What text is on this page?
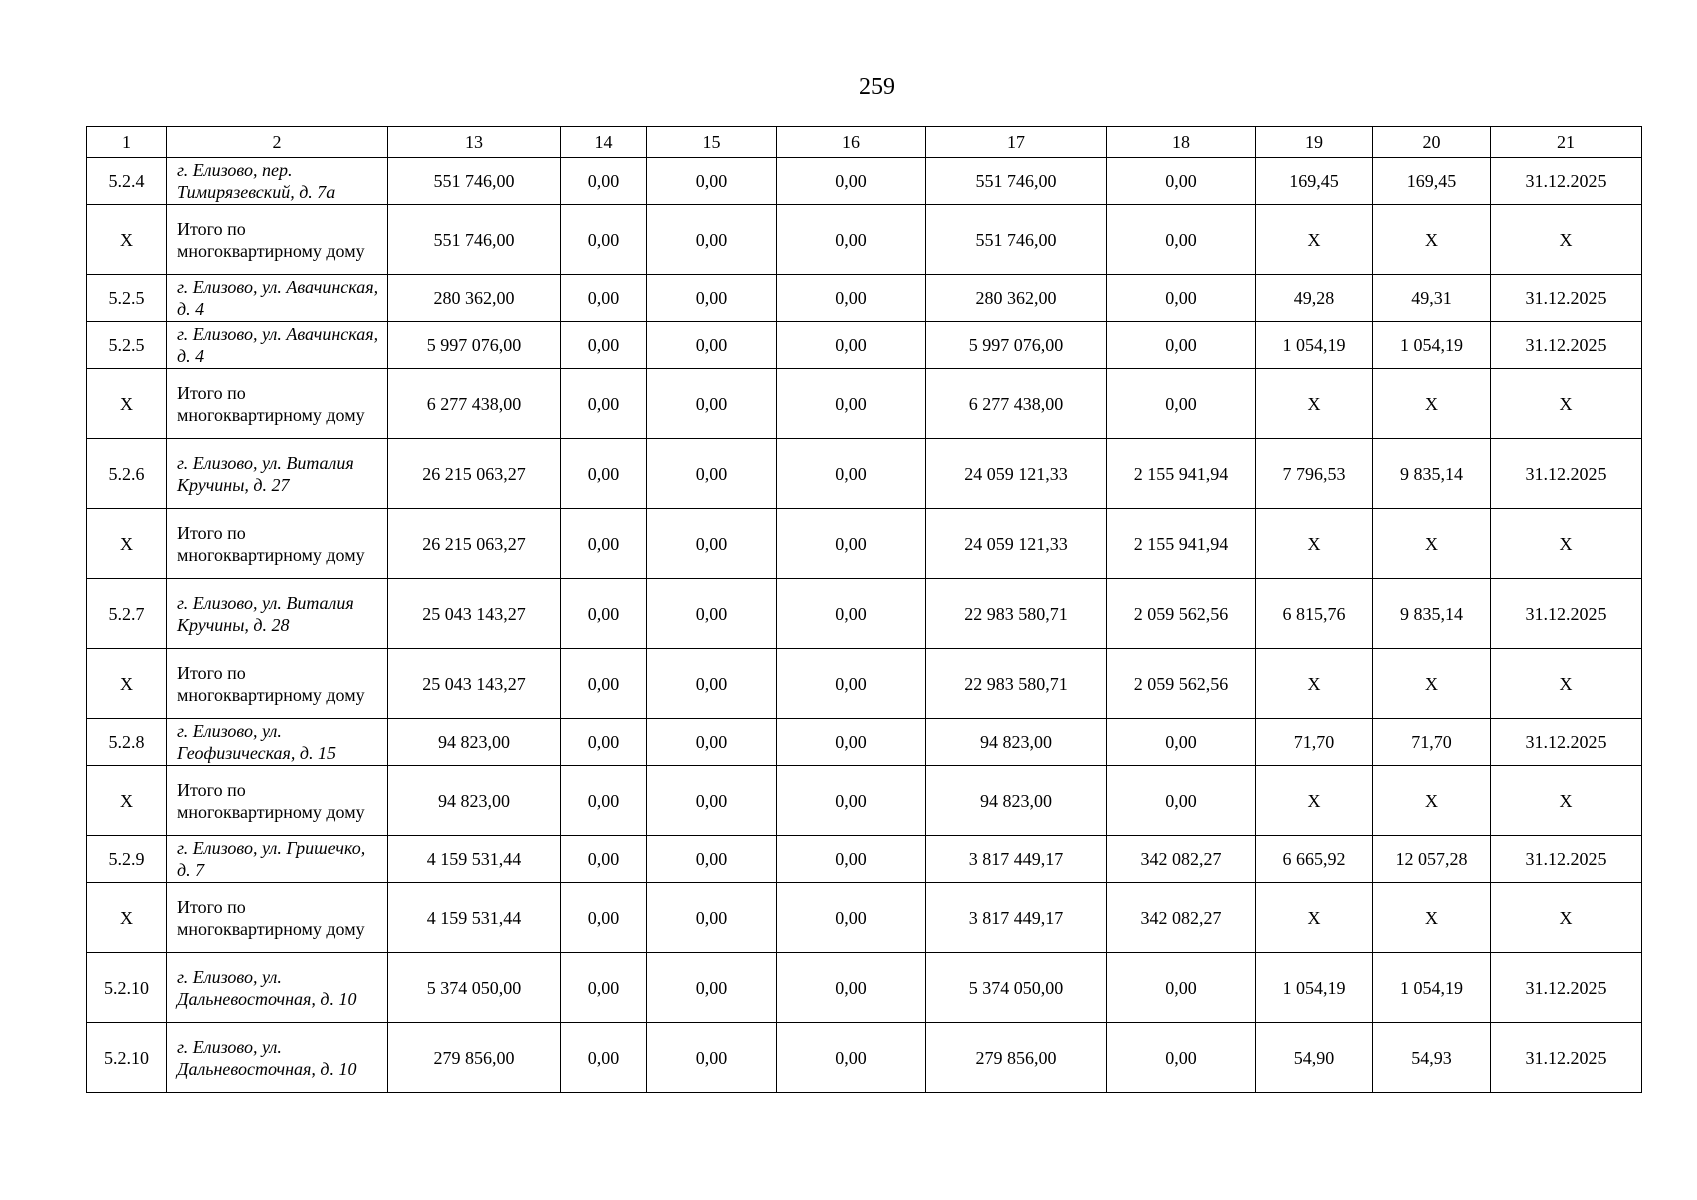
259
1	2	13	14	15	16	17	18	19	20	21
5.2.4	г. Елизово, пер. Тимирязевский, д. 7а	551 746,00	0,00	0,00	0,00	551 746,00	0,00	169,45	169,45	31.12.2025
Х	Итого по многоквартирному дому	551 746,00	0,00	0,00	0,00	551 746,00	0,00	Х	Х	Х
5.2.5	г. Елизово, ул. Авачинская, д. 4	280 362,00	0,00	0,00	0,00	280 362,00	0,00	49,28	49,31	31.12.2025
5.2.5	г. Елизово, ул. Авачинская, д. 4	5 997 076,00	0,00	0,00	0,00	5 997 076,00	0,00	1 054,19	1 054,19	31.12.2025
Х	Итого по многоквартирному дому	6 277 438,00	0,00	0,00	0,00	6 277 438,00	0,00	Х	Х	Х
5.2.6	г. Елизово, ул. Виталия Кручины, д. 27	26 215 063,27	0,00	0,00	0,00	24 059 121,33	2 155 941,94	7 796,53	9 835,14	31.12.2025
Х	Итого по многоквартирному дому	26 215 063,27	0,00	0,00	0,00	24 059 121,33	2 155 941,94	Х	Х	Х
5.2.7	г. Елизово, ул. Виталия Кручины, д. 28	25 043 143,27	0,00	0,00	0,00	22 983 580,71	2 059 562,56	6 815,76	9 835,14	31.12.2025
Х	Итого по многоквартирному дому	25 043 143,27	0,00	0,00	0,00	22 983 580,71	2 059 562,56	Х	Х	Х
5.2.8	г. Елизово, ул. Геофизическая, д. 15	94 823,00	0,00	0,00	0,00	94 823,00	0,00	71,70	71,70	31.12.2025
Х	Итого по многоквартирному дому	94 823,00	0,00	0,00	0,00	94 823,00	0,00	Х	Х	Х
5.2.9	г. Елизово, ул. Гришечко, д. 7	4 159 531,44	0,00	0,00	0,00	3 817 449,17	342 082,27	6 665,92	12 057,28	31.12.2025
Х	Итого по многоквартирному дому	4 159 531,44	0,00	0,00	0,00	3 817 449,17	342 082,27	Х	Х	Х
5.2.10	г. Елизово, ул. Дальневосточная, д. 10	5 374 050,00	0,00	0,00	0,00	5 374 050,00	0,00	1 054,19	1 054,19	31.12.2025
5.2.10	г. Елизово, ул. Дальневосточная, д. 10	279 856,00	0,00	0,00	0,00	279 856,00	0,00	54,90	54,93	31.12.2025
